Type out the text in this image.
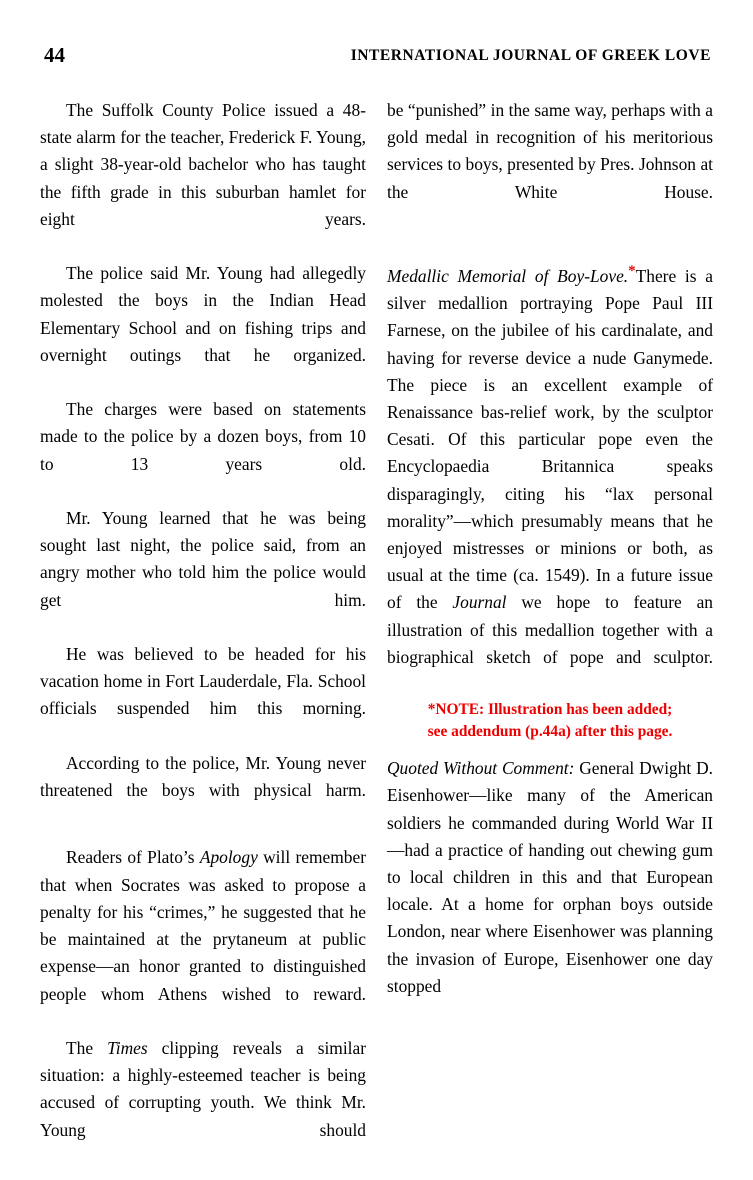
44	INTERNATIONAL JOURNAL OF GREEK LOVE

The Suffolk County Police issued a 48-state alarm for the teacher, Frederick F. Young, a slight 38-year-old bachelor who has taught the fifth grade in this suburban hamlet for eight years.

The police said Mr. Young had allegedly molested the boys in the Indian Head Elementary School and on fishing trips and overnight outings that he organized.

The charges were based on statements made to the police by a dozen boys, from 10 to 13 years old.

Mr. Young learned that he was being sought last night, the police said, from an angry mother who told him the police would get him.

He was believed to be headed for his vacation home in Fort Lauderdale, Fla. School officials suspended him this morning.

According to the police, Mr. Young never threatened the boys with physical harm.

Readers of Plato’s Apology will remember that when Socrates was asked to propose a penalty for his “crimes,” he suggested that he be maintained at the prytaneum at public expense—an honor granted to distinguished people whom Athens wished to reward.

The Times clipping reveals a similar situation: a highly-esteemed teacher is being accused of corrupting youth. We think Mr. Young should

be “punished” in the same way, perhaps with a gold medal in recognition of his meritorious services to boys, presented by Pres. Johnson at the White House.

Medallic Memorial of Boy-Love.*There is a silver medallion portraying Pope Paul III Farnese, on the jubilee of his cardinalate, and having for reverse device a nude Ganymede. The piece is an excellent example of Renaissance bas-relief work, by the sculptor Cesati. Of this particular pope even the Encyclopaedia Britannica speaks disparagingly, citing his “lax personal morality”—which presumably means that he enjoyed mistresses or minions or both, as usual at the time (ca. 1549). In a future issue of the Journal we hope to feature an illustration of this medallion together with a biographical sketch of pope and sculptor.

*NOTE: Illustration has been added;
see addendum (p.44a) after this page.

Quoted Without Comment: General Dwight D. Eisenhower—like many of the American soldiers he commanded during World War II—had a practice of handing out chewing gum to local children in this and that European locale. At a home for orphan boys outside London, near where Eisenhower was planning the invasion of Europe, Eisenhower one day stopped
